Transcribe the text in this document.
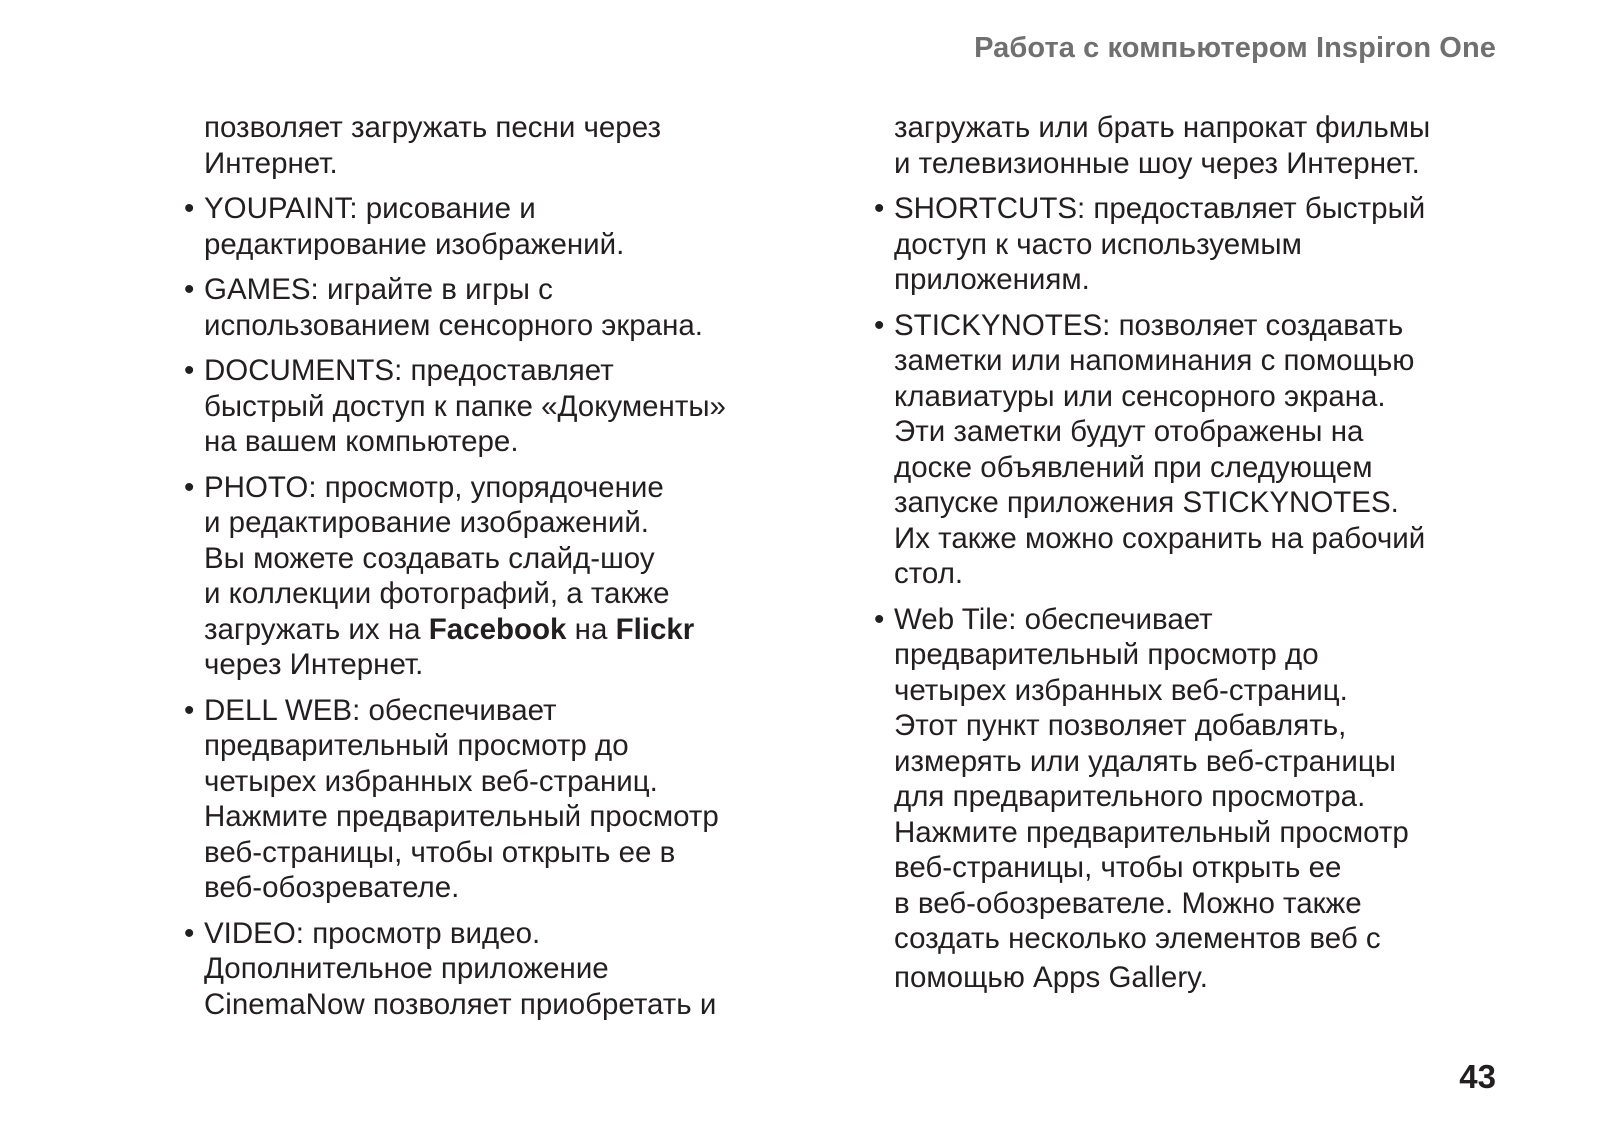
Работа с компьютером Inspiron One
позволяет загружать песни через
Интернет.
• YOUPAINT: рисование и
редактирование изображений.
• GAMES: играйте в игры с
использованием сенсорного экрана.
• DOCUMENTS: предоставляет
быстрый доступ к папке «Документы»
на вашем компьютере.
• PHOTO: просмотр, упорядочение
и редактирование изображений.
Вы можете создавать слайд-шоу
и коллекции фотографий, а также
загружать их на Facebook на Flickr
через Интернет.
• DELL WEB: обеспечивает
предварительный просмотр до
четырех избранных веб-страниц.
Нажмите предварительный просмотр
веб-страницы, чтобы открыть ее в
веб-обозревателе.
• VIDEO: просмотр видео.
Дополнительное приложение
CinemaNow позволяет приобретать и
загружать или брать напрокат фильмы
и телевизионные шоу через Интернет.
• SHORTCUTS: предоставляет быстрый
доступ к часто используемым
приложениям.
• STICKYNOTES: позволяет создавать
заметки или напоминания с помощью
клавиатуры или сенсорного экрана.
Эти заметки будут отображены на
доске объявлений при следующем
запуске приложения STICKYNOTES.
Их также можно сохранить на рабочий
стол.
• Web Tile: обеспечивает
предварительный просмотр до
четырех избранных веб-страниц.
Этот пункт позволяет добавлять,
измерять или удалять веб-страницы
для предварительного просмотра.
Нажмите предварительный просмотр
веб-страницы, чтобы открыть ее
в веб-обозревателе. Можно также
создать несколько элементов веб с
помощью Apps Gallery.
43
